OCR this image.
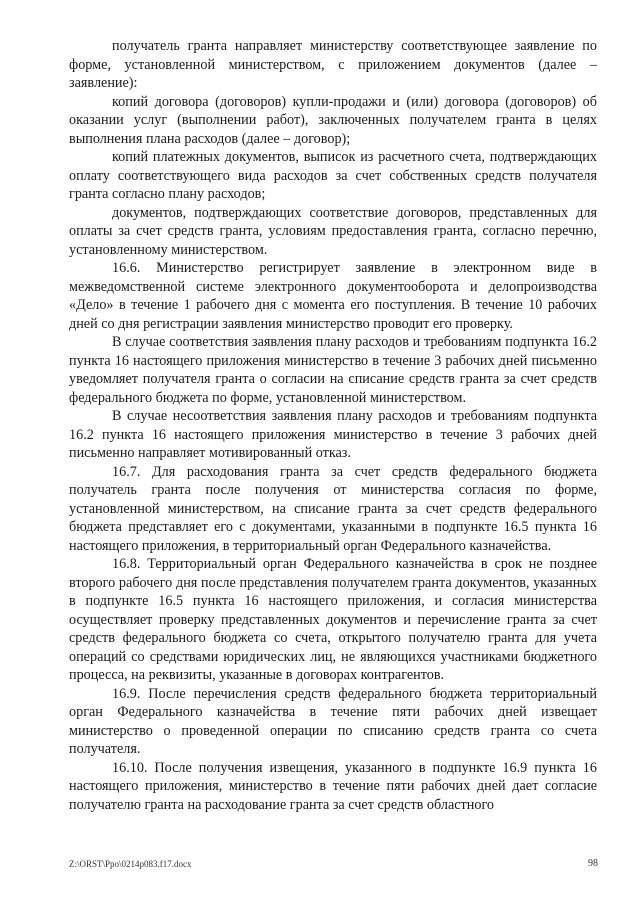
получатель гранта направляет министерству соответствующее заявление по форме, установленной министерством, с приложением документов (далее – заявление):

копий договора (договоров) купли-продажи и (или) договора (договоров) об оказании услуг (выполнении работ), заключенных получателем гранта в целях выполнения плана расходов (далее – договор);

копий платежных документов, выписок из расчетного счета, подтверждающих оплату соответствующего вида расходов за счет собственных средств получателя гранта согласно плану расходов;

документов, подтверждающих соответствие договоров, представленных для оплаты за счет средств гранта, условиям предоставления гранта, согласно перечню, установленному министерством.

16.6. Министерство регистрирует заявление в электронном виде в межведомственной системе электронного документооборота и делопроизводства «Дело» в течение 1 рабочего дня с момента его поступления. В течение 10 рабочих дней со дня регистрации заявления министерство проводит его проверку.

В случае соответствия заявления плану расходов и требованиям подпункта 16.2 пункта 16 настоящего приложения министерство в течение 3 рабочих дней письменно уведомляет получателя гранта о согласии на списание средств гранта за счет средств федерального бюджета по форме, установленной министерством.

В случае несоответствия заявления плану расходов и требованиям подпункта 16.2 пункта 16 настоящего приложения министерство в течение 3 рабочих дней письменно направляет мотивированный отказ.

16.7. Для расходования гранта за счет средств федерального бюджета получатель гранта после получения от министерства согласия по форме, установленной министерством, на списание гранта за счет средств федерального бюджета представляет его с документами, указанными в подпункте 16.5 пункта 16 настоящего приложения, в территориальный орган Федерального казначейства.

16.8. Территориальный орган Федерального казначейства в срок не позднее второго рабочего дня после представления получателем гранта документов, указанных в подпункте 16.5 пункта 16 настоящего приложения, и согласия министерства осуществляет проверку представленных документов и перечисление гранта за счет средств федерального бюджета со счета, открытого получателю гранта для учета операций со средствами юридических лиц, не являющихся участниками бюджетного процесса, на реквизиты, указанные в договорах контрагентов.

16.9. После перечисления средств федерального бюджета территориальный орган Федерального казначейства в течение пяти рабочих дней извещает министерство о проведенной операции по списанию средств гранта со счета получателя.

16.10. После получения извещения, указанного в подпункте 16.9 пункта 16 настоящего приложения, министерство в течение пяти рабочих дней дает согласие получателю гранта на расходование гранта за счет средств областного

Z:\ORST\Ppo\0214p083.f17.docx	98
